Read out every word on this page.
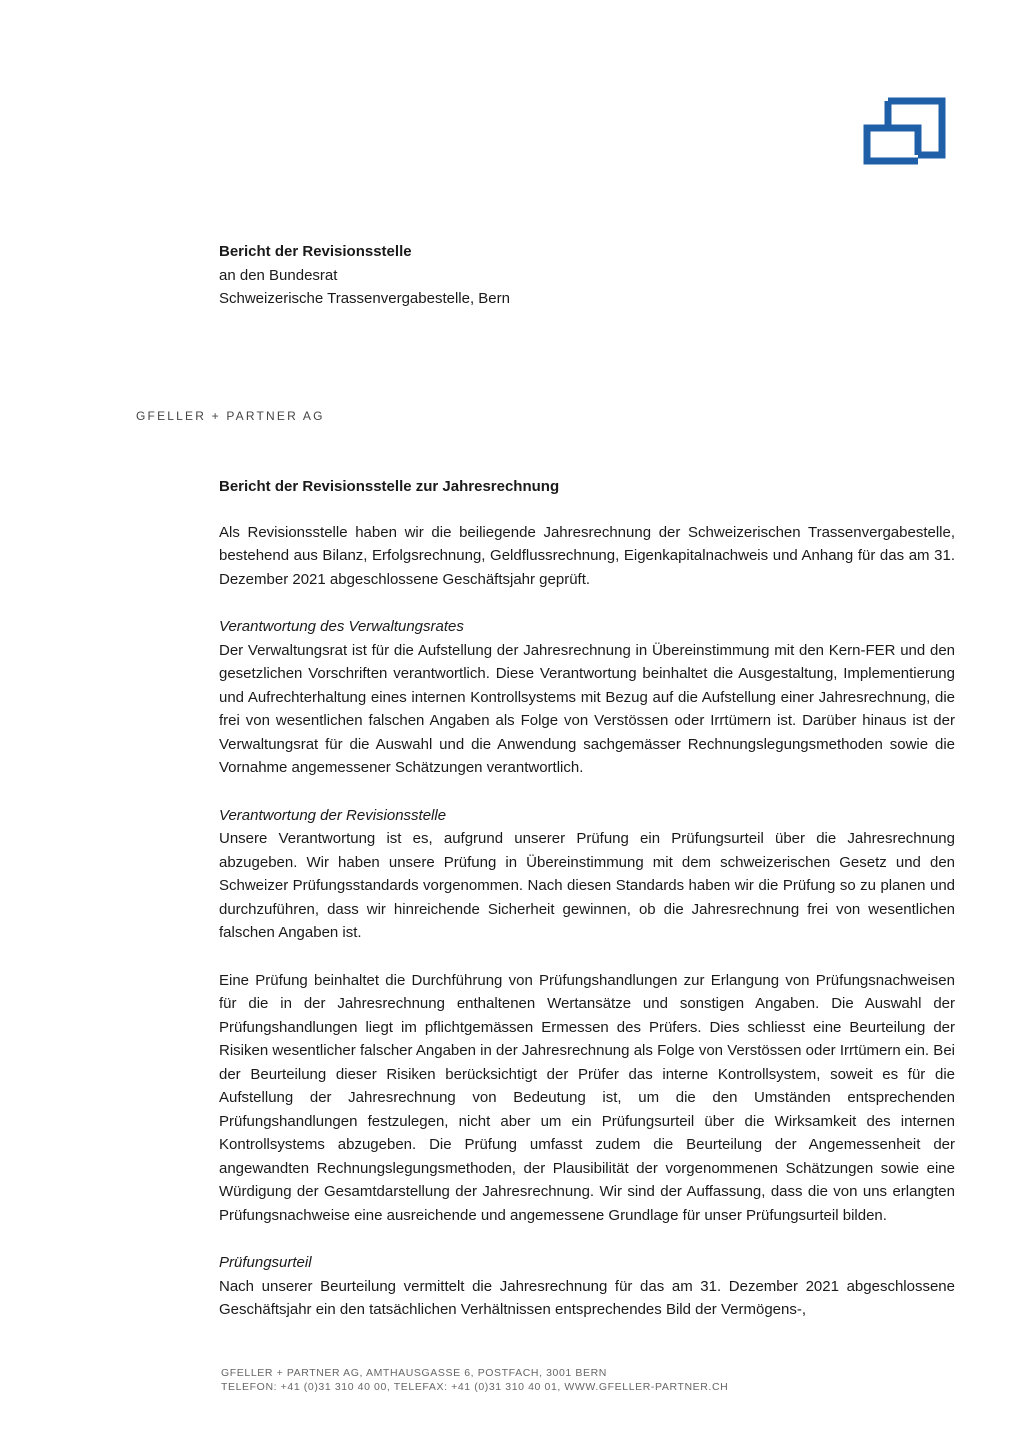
Bericht der Revisionsstelle
an den Bundesrat
Schweizerische Trassenvergabestelle, Bern
GFELLER + PARTNER AG
Bericht der Revisionsstelle zur Jahresrechnung

Als Revisionsstelle haben wir die beiliegende Jahresrechnung der Schweizerischen Trassenvergabestelle, bestehend aus Bilanz, Erfolgsrechnung, Geldflussrechnung, Eigenkapitalnachweis und Anhang für das am 31. Dezember 2021 abgeschlossene Geschäftsjahr geprüft.

Verantwortung des Verwaltungsrates

Der Verwaltungsrat ist für die Aufstellung der Jahresrechnung in Übereinstimmung mit den Kern-FER und den gesetzlichen Vorschriften verantwortlich. Diese Verantwortung beinhaltet die Ausgestaltung, Implementierung und Aufrechterhaltung eines internen Kontrollsystems mit Bezug auf die Aufstellung einer Jahresrechnung, die frei von wesentlichen falschen Angaben als Folge von Verstössen oder Irrtümern ist. Darüber hinaus ist der Verwaltungsrat für die Auswahl und die Anwendung sachgemässer Rechnungslegungsmethoden sowie die Vornahme angemessener Schätzungen verantwortlich.

Verantwortung der Revisionsstelle

Unsere Verantwortung ist es, aufgrund unserer Prüfung ein Prüfungsurteil über die Jahresrechnung abzugeben. Wir haben unsere Prüfung in Übereinstimmung mit dem schweizerischen Gesetz und den Schweizer Prüfungsstandards vorgenommen. Nach diesen Standards haben wir die Prüfung so zu planen und durchzuführen, dass wir hinreichende Sicherheit gewinnen, ob die Jahresrechnung frei von wesentlichen falschen Angaben ist.

Eine Prüfung beinhaltet die Durchführung von Prüfungshandlungen zur Erlangung von Prüfungsnachweisen für die in der Jahresrechnung enthaltenen Wertansätze und sonstigen Angaben. Die Auswahl der Prüfungshandlungen liegt im pflichtgemässen Ermessen des Prüfers. Dies schliesst eine Beurteilung der Risiken wesentlicher falscher Angaben in der Jahresrechnung als Folge von Verstössen oder Irrtümern ein. Bei der Beurteilung dieser Risiken berücksichtigt der Prüfer das interne Kontrollsystem, soweit es für die Aufstellung der Jahresrechnung von Bedeutung ist, um die den Umständen entsprechenden Prüfungshandlungen festzulegen, nicht aber um ein Prüfungsurteil über die Wirksamkeit des internen Kontrollsystems abzugeben. Die Prüfung umfasst zudem die Beurteilung der Angemessenheit der angewandten Rechnungslegungsmethoden, der Plausibilität der vorgenommenen Schätzungen sowie eine Würdigung der Gesamtdarstellung der Jahresrechnung. Wir sind der Auffassung, dass die von uns erlangten Prüfungsnachweise eine ausreichende und angemessene Grundlage für unser Prüfungsurteil bilden.

Prüfungsurteil

Nach unserer Beurteilung vermittelt die Jahresrechnung für das am 31. Dezember 2021 abgeschlossene Geschäftsjahr ein den tatsächlichen Verhältnissen entsprechendes Bild der Vermögens-,

GFELLER + PARTNER AG, AMTHAUSGASSE 6, POSTFACH, 3001 BERN
TELEFON: +41 (0)31 310 40 00, TELEFAX: +41 (0)31 310 40 01, WWW.GFELLER-PARTNER.CH
